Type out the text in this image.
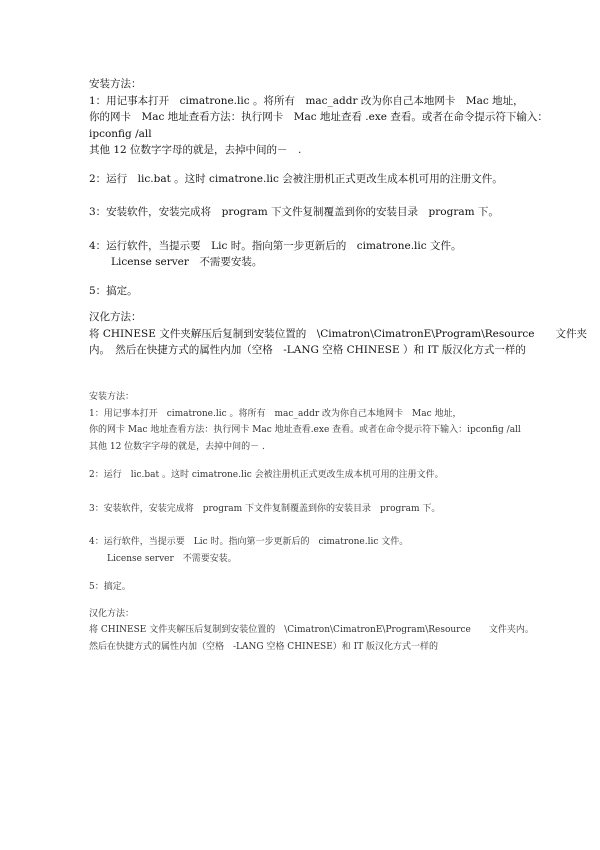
安装方法：
1：用记事本打开　cimatrone.lic 。将所有　mac_addr 改为你自己本地网卡　Mac 地址，
你的网卡　Mac 地址查看方法：执行网卡　Mac 地址查看 .exe 查看。或者在命令提示符下输入：
ipconfig /all
其他 12 位数字字母的就是，去掉中间的－　.
2：运行　lic.bat 。这时 cimatrone.lic 会被注册机正式更改生成本机可用的注册文件。
3：安装软件，安装完成将　program 下文件复制覆盖到你的安装目录　program 下。
4：运行软件，当提示要　Lic 时。指向第一步更新后的　cimatrone.lic 文件。
License server　不需要安装。
5：搞定。
汉化方法：
将 CHINESE 文件夹解压后复制到安装位置的　\Cimatron\CimatronE\Program\Resource　　文件夹
内。　然后在快捷方式的属性内加（空格　-LANG 空格 CHINESE ）和 IT 版汉化方式一样的
安装方法：
1：用记事本打开　cimatrone.lic 。将所有　mac_addr 改为你自己本地网卡　Mac 地址，
你的网卡 Mac 地址查看方法：执行网卡 Mac 地址查看.exe 查看。或者在命令提示符下输入：ipconfig /all
其他 12 位数字字母的就是，去掉中间的－ .
2：运行　lic.bat 。这时 cimatrone.lic 会被注册机正式更改生成本机可用的注册文件。
3：安装软件，安装完成将　program 下文件复制覆盖到你的安装目录　program 下。
4：运行软件，当提示要　Lic 时。指向第一步更新后的　cimatrone.lic 文件。
License server　不需要安装。
5：搞定。
汉化方法：
将 CHINESE 文件夹解压后复制到安装位置的　\Cimatron\CimatronE\Program\Resource　　文件夹内。
然后在快捷方式的属性内加（空格　-LANG 空格 CHINESE）和 IT 版汉化方式一样的
